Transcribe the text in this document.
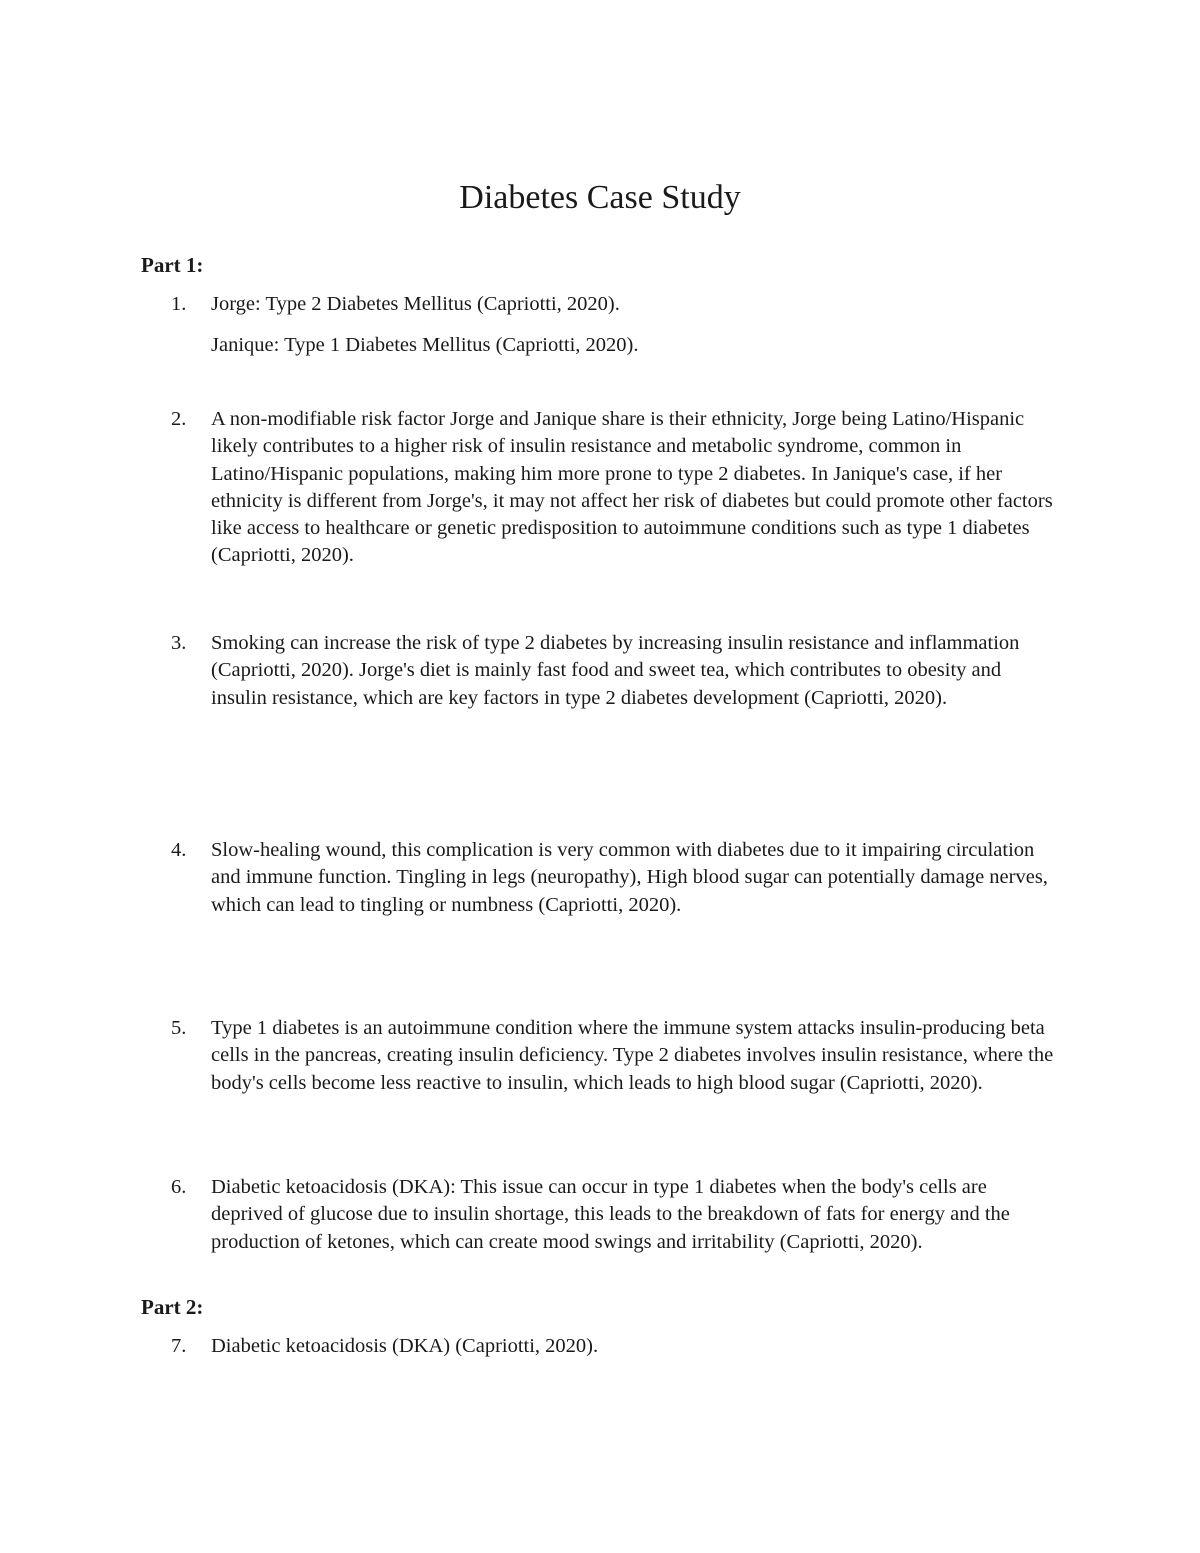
Diabetes Case Study
Part 1:
1.	Jorge: Type 2 Diabetes Mellitus (Capriotti, 2020).

Janique: Type 1 Diabetes Mellitus (Capriotti, 2020).

2.	A non-modifiable risk factor Jorge and Janique share is their ethnicity, Jorge being Latino/Hispanic likely contributes to a higher risk of insulin resistance and metabolic syndrome, common in Latino/Hispanic populations, making him more prone to type 2 diabetes. In Janique's case, if her ethnicity is different from Jorge's, it may not affect her risk of diabetes but could promote other factors like access to healthcare or genetic predisposition to autoimmune conditions such as type 1 diabetes (Capriotti, 2020).
3.	Smoking can increase the risk of type 2 diabetes by increasing insulin resistance and inflammation (Capriotti, 2020). Jorge's diet is mainly fast food and sweet tea, which contributes to obesity and insulin resistance, which are key factors in type 2 diabetes development (Capriotti, 2020).
4.	Slow-healing wound, this complication is very common with diabetes due to it impairing circulation and immune function. Tingling in legs (neuropathy), High blood sugar can potentially damage nerves, which can lead to tingling or numbness (Capriotti, 2020).
5.	Type 1 diabetes is an autoimmune condition where the immune system attacks insulin-producing beta cells in the pancreas, creating insulin deficiency. Type 2 diabetes involves insulin resistance, where the body's cells become less reactive to insulin, which leads to high blood sugar (Capriotti, 2020).
6.	Diabetic ketoacidosis (DKA): This issue can occur in type 1 diabetes when the body's cells are deprived of glucose due to insulin shortage, this leads to the breakdown of fats for energy and the production of ketones, which can create mood swings and irritability (Capriotti, 2020).
Part 2:
7.	Diabetic ketoacidosis (DKA) (Capriotti, 2020).
